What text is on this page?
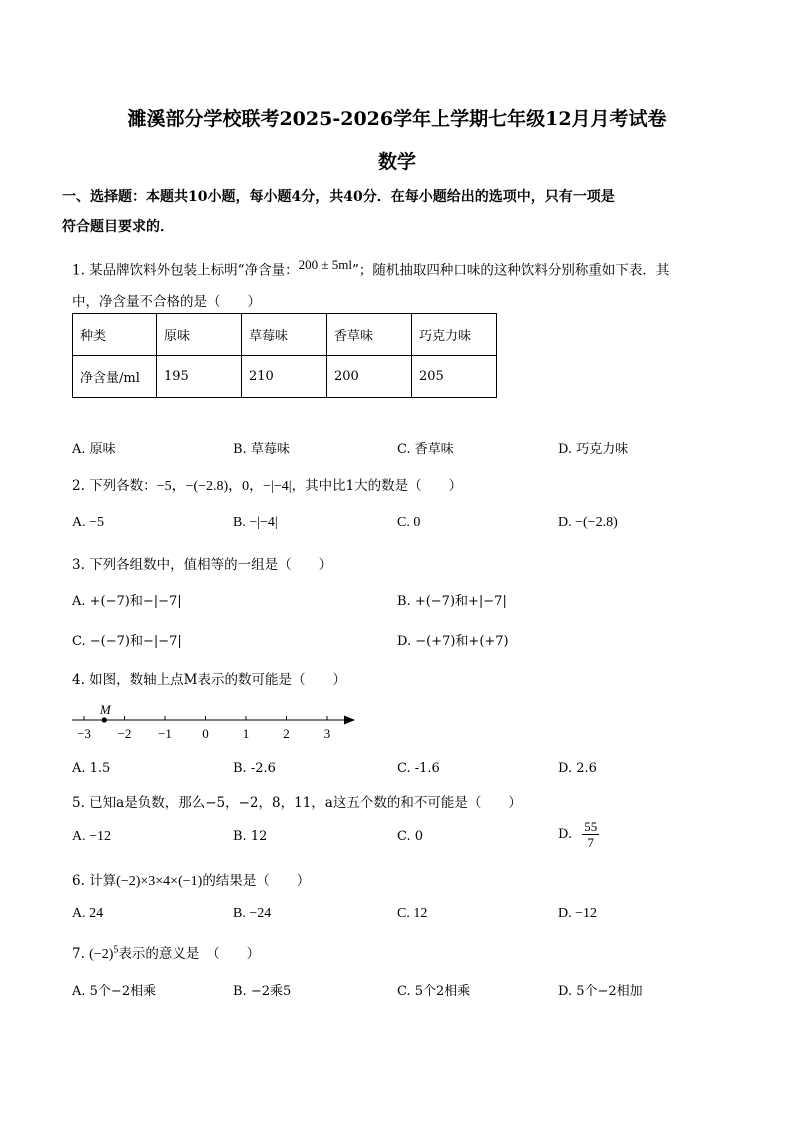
濉溪部分学校联考2025-2026学年上学期七年级12月月考试卷
数学
一、选择题：本题共10小题，每小题4分，共40分．在每小题给出的选项中，只有一项是
符合题目要求的．
1. 某品牌饮料外包装上标明“净含量：$^{200 \pm 5ml}$”；随机抽取四种口味的这种饮料分别称重如下表．其
中，净含量不合格的是（　　）
种类	原味	草莓味	香草味	巧克力味
净含量/ml	195	210	200	205
A. 原味	B. 草莓味	C. 香草味	D. 巧克力味
2. 下列各数：−5，−(−2.8)，0，−|−4|，其中比1大的数是（　　）
A. −5	B. −|−4|	C. 0	D. −(−2.8)
3. 下列各组数中，值相等的一组是（　　）
A. +(−7)和−|−7|	B. +(−7)和+|−7|
C. −(−7)和−|−7|	D. −(+7)和+(+7)
4. 如图，数轴上点M表示的数可能是（　　）
−3 −2 −1 0	1	2	3
M
A. 1.5	B. -2.6	C. -1.6	D. 2.6
5. 已知a是负数，那么−5，−2，8，11，a这五个数的和不可能是（　　）
A. −12	B. 12	C. 0	D. $\frac{55}{7}$
6. 计算(−2)×3×4×(−1)的结果是（　　）
A. 24	B. −24	C. 12	D. −12
7. $(-2)^5$表示的意义是　（　　）
A. 5个−2相乘	B. −2乘5	C. 5个2相乘	D. 5个−2相加
